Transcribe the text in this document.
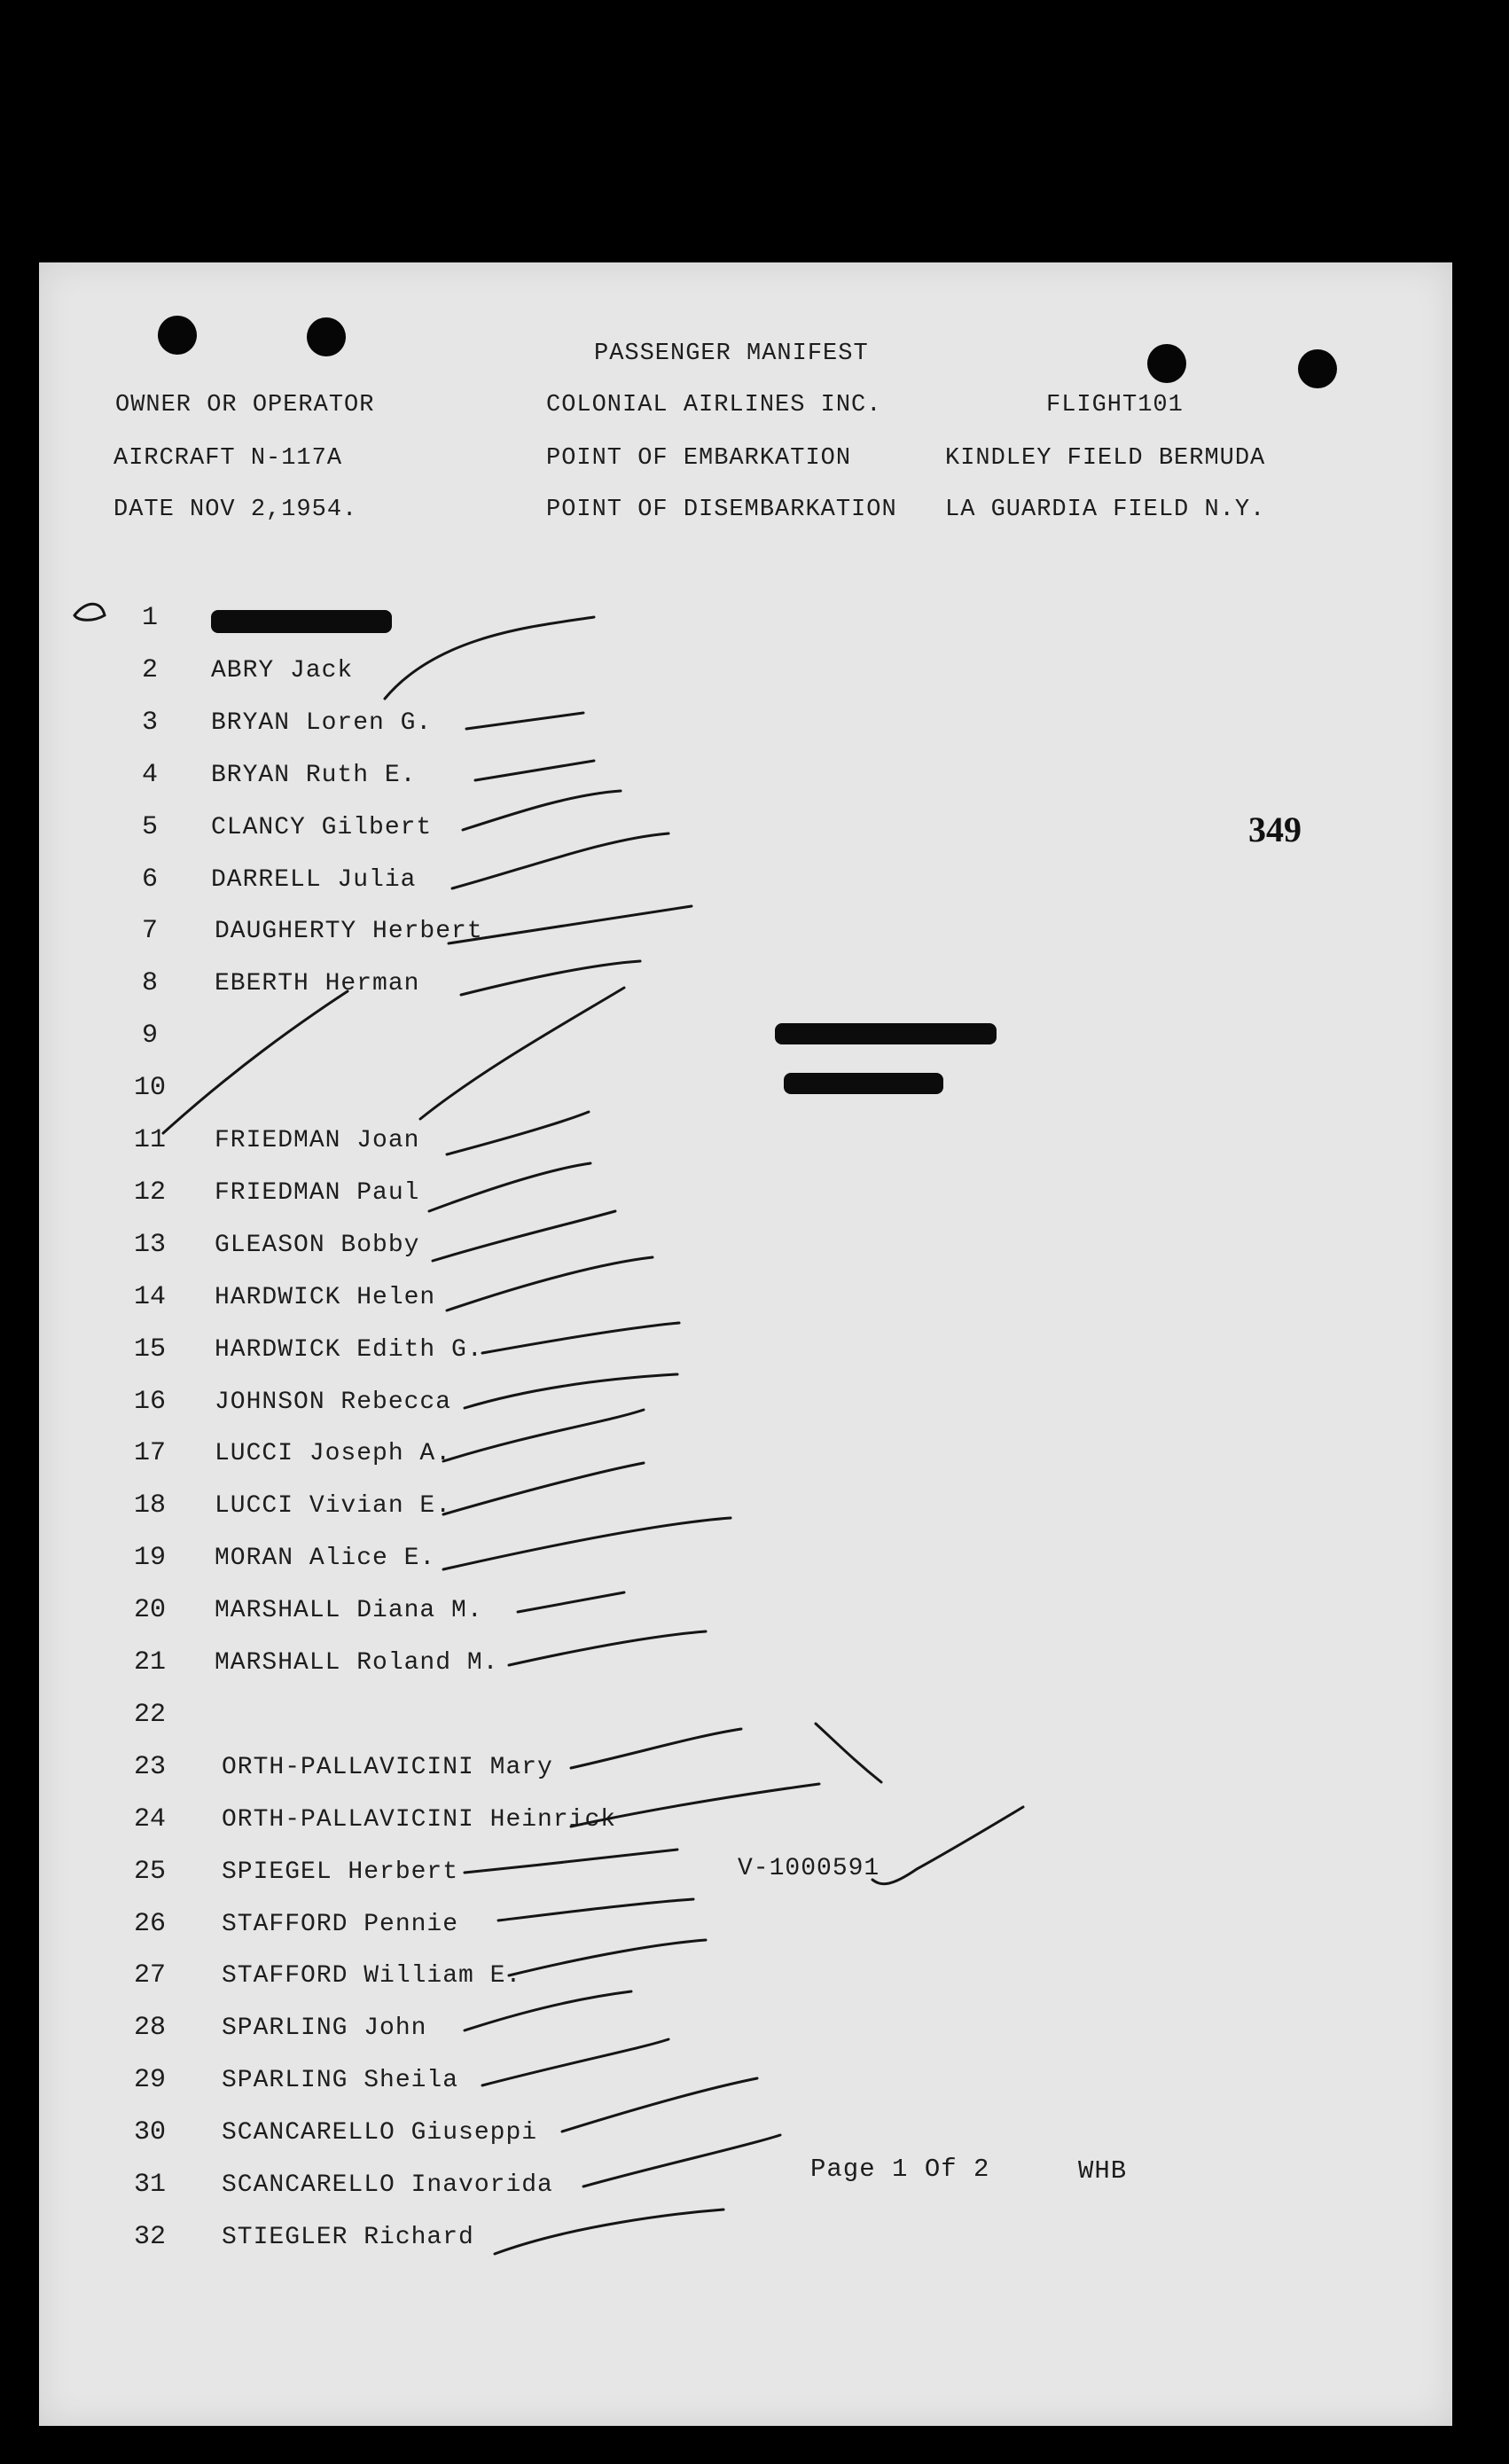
PASSENGER MANIFEST
OWNER OR OPERATOR	COLONIAL AIRLINES INC.	FLIGHT101
AIRCRAFT N-117A	POINT OF EMBARKATION	KINDLEY FIELD BERMUDA
DATE NOV 2,1954.	POINT OF DISEMBARKATION LA GUARDIA FIELD N.Y.
349
1
2	ABRY Jack
3	BRYAN Loren G.
4	BRYAN Ruth E.
5	CLANCY Gilbert
6	DARRELL Julia
7	DAUGHERTY Herbert
8	EBERTH Herman
9
10
11	FRIEDMAN Joan
12	FRIEDMAN Paul
13	GLEASON Bobby
14	HARDWICK Helen
15	HARDWICK Edith G.
16	JOHNSON Rebecca
17	LUCCI Joseph A.
18	LUCCI Vivian E.
19	MORAN Alice E.
20	MARSHALL Diana M.
21	MARSHALL Roland M.
22
23	ORTH-PALLAVICINI Mary
24	ORTH-PALLAVICINI Heinrick
25	SPIEGEL Herbert
26	STAFFORD Pennie
27	STAFFORD William E.
28	SPARLING John
29	SPARLING Sheila
30	SCANCARELLO Giuseppi
31	SCANCARELLO Inavorida
32	STIEGLER Richard
V-1000591
Page 1 Of 2	WHB
